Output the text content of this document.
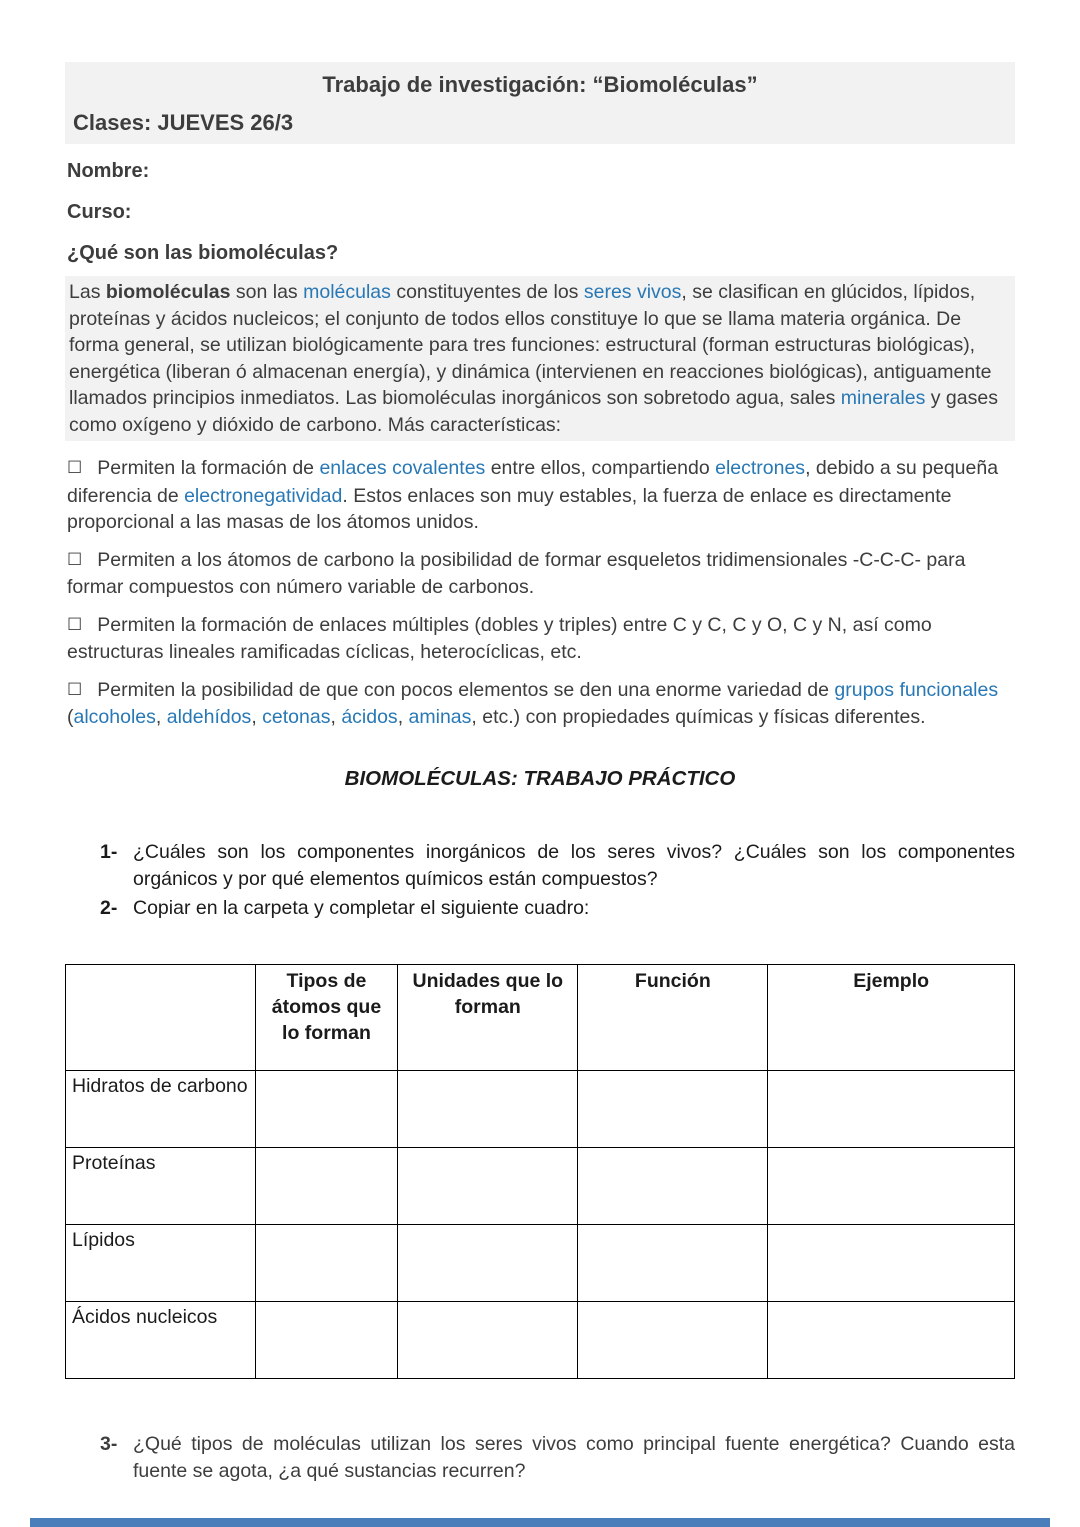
Trabajo de investigación: “Biomoléculas”
Clases: JUEVES 26/3
Nombre:
Curso:
¿Qué son las biomoléculas?
Las biomoléculas son las moléculas constituyentes de los seres vivos, se clasifican en glúcidos, lípidos, proteínas y ácidos nucleicos; el conjunto de todos ellos constituye lo que se llama materia orgánica. De forma general, se utilizan biológicamente para tres funciones: estructural (forman estructuras biológicas), energética (liberan ó almacenan energía), y dinámica (intervienen en reacciones biológicas), antiguamente llamados principios inmediatos. Las biomoléculas inorgánicos son sobretodo agua, sales minerales y gases como oxígeno y dióxido de carbono. Más características:
☐ Permiten la formación de enlaces covalentes entre ellos, compartiendo electrones, debido a su pequeña diferencia de electronegatividad. Estos enlaces son muy estables, la fuerza de enlace es directamente proporcional a las masas de los átomos unidos.
☐ Permiten a los átomos de carbono la posibilidad de formar esqueletos tridimensionales -C-C-C- para formar compuestos con número variable de carbonos.
☐ Permiten la formación de enlaces múltiples (dobles y triples) entre C y C, C y O, C y N, así como estructuras lineales ramificadas cíclicas, heterocíclicas, etc.
☐ Permiten la posibilidad de que con pocos elementos se den una enorme variedad de grupos funcionales (alcoholes, aldehídos, cetonas, ácidos, aminas, etc.) con propiedades químicas y físicas diferentes.
BIOMOLÉCULAS: TRABAJO PRÁCTICO
1- ¿Cuáles son los componentes inorgánicos de los seres vivos? ¿Cuáles son los componentes orgánicos y por qué elementos químicos están compuestos?
2- Copiar en la carpeta y completar el siguiente cuadro:
	Tipos de átomos que lo forman	Unidades que lo forman	Función	Ejemplo
Hidratos de carbono				
Proteínas				
Lípidos				
Ácidos nucleicos				
3- ¿Qué tipos de moléculas utilizan los seres vivos como principal fuente energética? Cuando esta fuente se agota, ¿a qué sustancias recurren?
